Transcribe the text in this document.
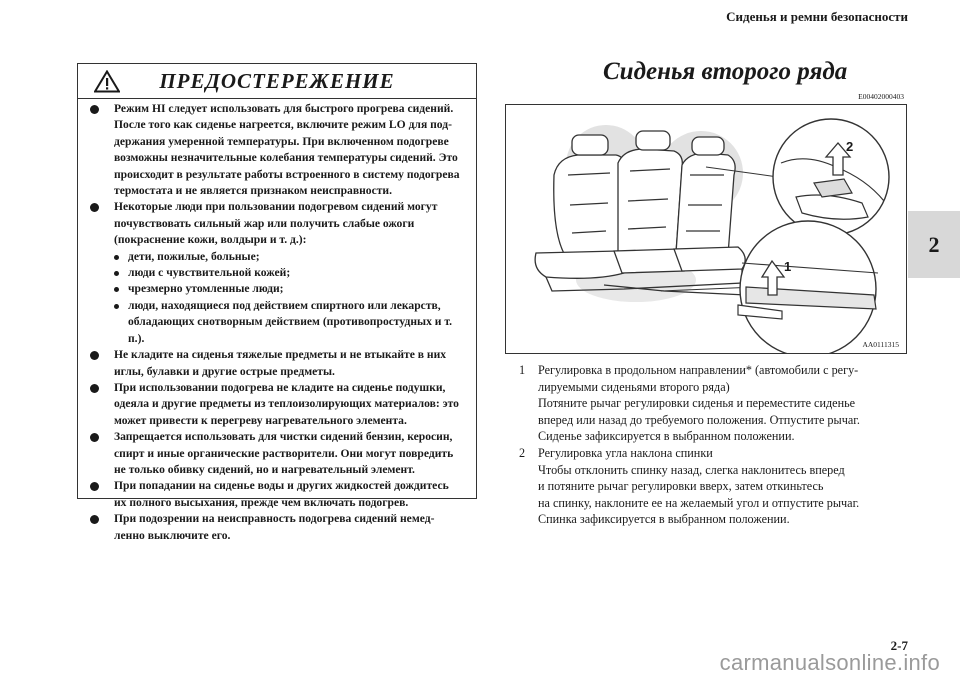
Сиденья и ремни безопасности
2
ПРЕДОСТЕРЕЖЕНИЕ
Режим HI следует использовать для быстрого прогрева сидений. После того как сиденье нагреется, включите режим LO для под-держания умеренной температуры. При включенном подогреве возможны незначительные колебания температуры сидений. Это происходит в результате работы встроенного в систему подогрева термостата и не является признаком неисправности.
Некоторые люди при пользовании подогревом сидений могут почувствовать сильный жар или получить слабые ожоги (покраснение кожи, волдыри и т. д.):
дети, пожилые, больные;
люди с чувствительной кожей;
чрезмерно утомленные люди;
люди, находящиеся под действием спиртного или лекарств, обладающих снотворным действием (противопростудных и т. п.).
Не кладите на сиденья тяжелые предметы и не втыкайте в них иглы, булавки и другие острые предметы.
При использовании подогрева не кладите на сиденье подушки, одеяла и другие предметы из теплоизолирующих материалов: это может привести к перегреву нагревательного элемента.
Запрещается использовать для чистки сидений бензин, керосин, спирт и иные органические растворители. Они могут повредить не только обивку сидений, но и нагревательный элемент.
При попадании на сиденье воды и других жидкостей дождитесь их полного высыхания, прежде чем включать подогрев.
При подозрении на неисправность подогрева сидений немед-ленно выключите его.
Сиденья второго ряда
E00402000403
2
1
AA0111315
1 Регулировка в продольном направлении* (автомобили с регу-
лируемыми сиденьями второго ряда)
Потяните рычаг регулировки сиденья и переместите сиденье
вперед или назад до требуемого положения. Отпустите рычаг.
Сиденье зафиксируется в выбранном положении.
2 Регулировка угла наклона спинки
Чтобы отклонить спинку назад, слегка наклонитесь вперед
и потяните рычаг регулировки вверх, затем откиньтесь
на спинку, наклоните ее на желаемый угол и отпустите рычаг.
Спинка зафиксируется в выбранном положении.
2-7
carmanualsonline.info
